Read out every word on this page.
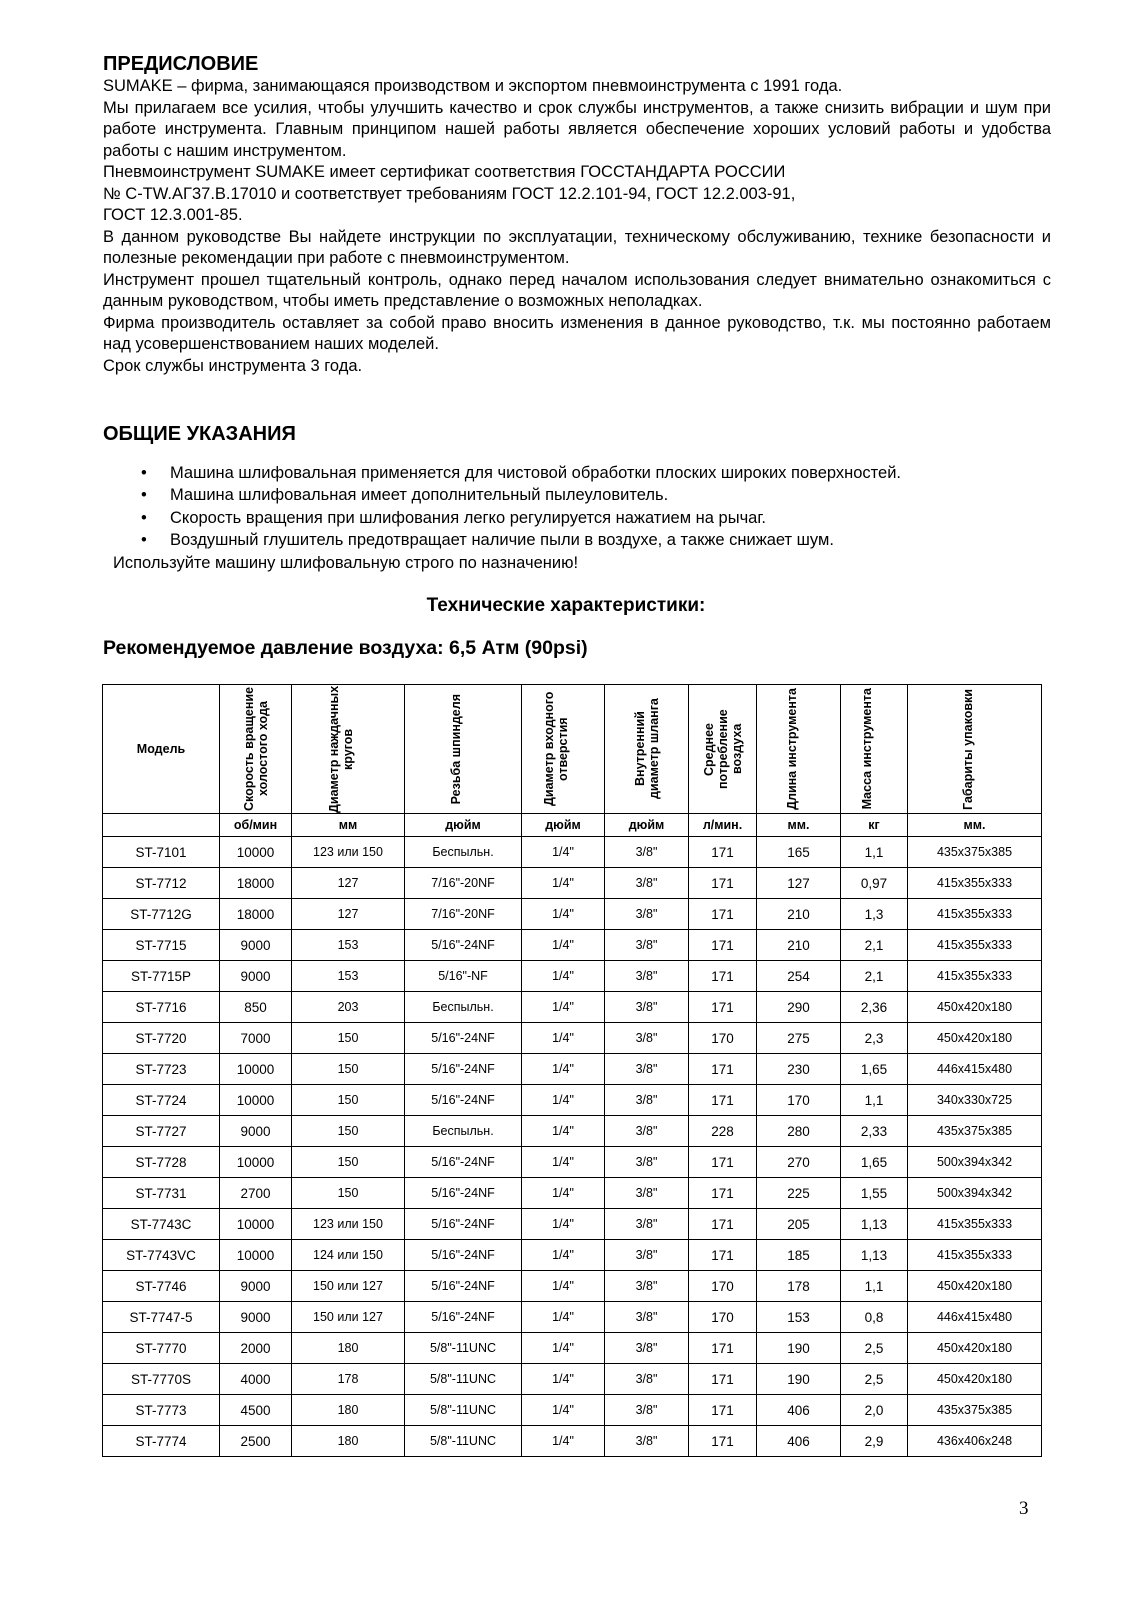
ПРЕДИСЛОВИЕ

SUMAKE – фирма, занимающаяся производством и экспортом пневмоинструмента с 1991 года.

Мы прилагаем все усилия, чтобы улучшить качество и срок службы инструментов, а также снизить вибрации и шум при работе инструмента. Главным принципом нашей работы является обеспечение хороших условий работы и удобства работы с нашим инструментом.

Пневмоинструмент SUMAKE имеет сертификат соответствия ГОССТАНДАРТА РОССИИ

№ С-TW.АГ37.В.17010 и соответствует требованиям ГОСТ 12.2.101-94, ГОСТ 12.2.003-91,

ГОСТ 12.3.001-85.

В данном руководстве Вы найдете инструкции по эксплуатации, техническому обслуживанию, технике безопасности и полезные рекомендации при работе с пневмоинструментом.

Инструмент прошел тщательный контроль, однако перед началом использования следует внимательно ознакомиться с данным руководством, чтобы иметь представление о возможных неполадках.

Фирма производитель оставляет за собой право вносить изменения в данное руководство, т.к. мы постоянно работаем над усовершенствованием наших моделей.

Срок службы инструмента 3 года.

ОБЩИЕ УКАЗАНИЯ
• Машина шлифовальная применяется для чистовой обработки плоских широких поверхностей.
• Машина шлифовальная имеет дополнительный пылеуловитель.
• Скорость вращения при шлифования легко регулируется нажатием на рычаг.
• Воздушный глушитель предотвращает наличие пыли в воздухе, а также снижает шум.
Используйте машину шлифовальную строго по назначению!
Технические характеристики:
Рекомендуемое давление воздуха: 6,5 Атм (90psi)
Модель	Скорость вращение холостого хода	Диаметр наждачных кругов	Резьба шпинделя	Диаметр входного отверстия	Внутренний диаметр шланга	Среднее потребление воздуха	Длина инструмента	Масса инструмента	Габариты упаковки

	об/мин	мм	дюйм	дюйм	дюйм	л/мин.	мм.	кг	мм.
ST-7101	10000	123 или 150	Беспыльн.	1/4"	3/8"	171	165	1,1	435x375x385
ST-7712	18000	127	7/16"-20NF	1/4"	3/8"	171	127	0,97	415x355x333
ST-7712G	18000	127	7/16"-20NF	1/4"	3/8"	171	210	1,3	415x355x333
ST-7715	9000	153	5/16"-24NF	1/4"	3/8"	171	210	2,1	415x355x333
ST-7715P	9000	153	5/16"-NF	1/4"	3/8"	171	254	2,1	415x355x333
ST-7716	850	203	Беспыльн.	1/4"	3/8"	171	290	2,36	450x420x180
ST-7720	7000	150	5/16"-24NF	1/4"	3/8"	170	275	2,3	450x420x180
ST-7723	10000	150	5/16"-24NF	1/4"	3/8"	171	230	1,65	446x415x480
ST-7724	10000	150	5/16"-24NF	1/4"	3/8"	171	170	1,1	340x330x725
ST-7727	9000	150	Беспыльн.	1/4"	3/8"	228	280	2,33	435x375x385
ST-7728	10000	150	5/16"-24NF	1/4"	3/8"	171	270	1,65	500x394x342
ST-7731	2700	150	5/16"-24NF	1/4"	3/8"	171	225	1,55	500x394x342
ST-7743C	10000	123 или 150	5/16"-24NF	1/4"	3/8"	171	205	1,13	415x355x333
ST-7743VC	10000	124 или 150	5/16"-24NF	1/4"	3/8"	171	185	1,13	415x355x333
ST-7746	9000	150 или 127	5/16"-24NF	1/4"	3/8"	170	178	1,1	450x420x180
ST-7747-5	9000	150 или 127	5/16"-24NF	1/4"	3/8"	170	153	0,8	446x415x480
ST-7770	2000	180	5/8"-11UNC	1/4"	3/8"	171	190	2,5	450x420x180
ST-7770S	4000	178	5/8"-11UNC	1/4"	3/8"	171	190	2,5	450x420x180
ST-7773	4500	180	5/8"-11UNC	1/4"	3/8"	171	406	2,0	435x375x385
ST-7774	2500	180	5/8"-11UNC	1/4"	3/8"	171	406	2,9	436x406x248
3
